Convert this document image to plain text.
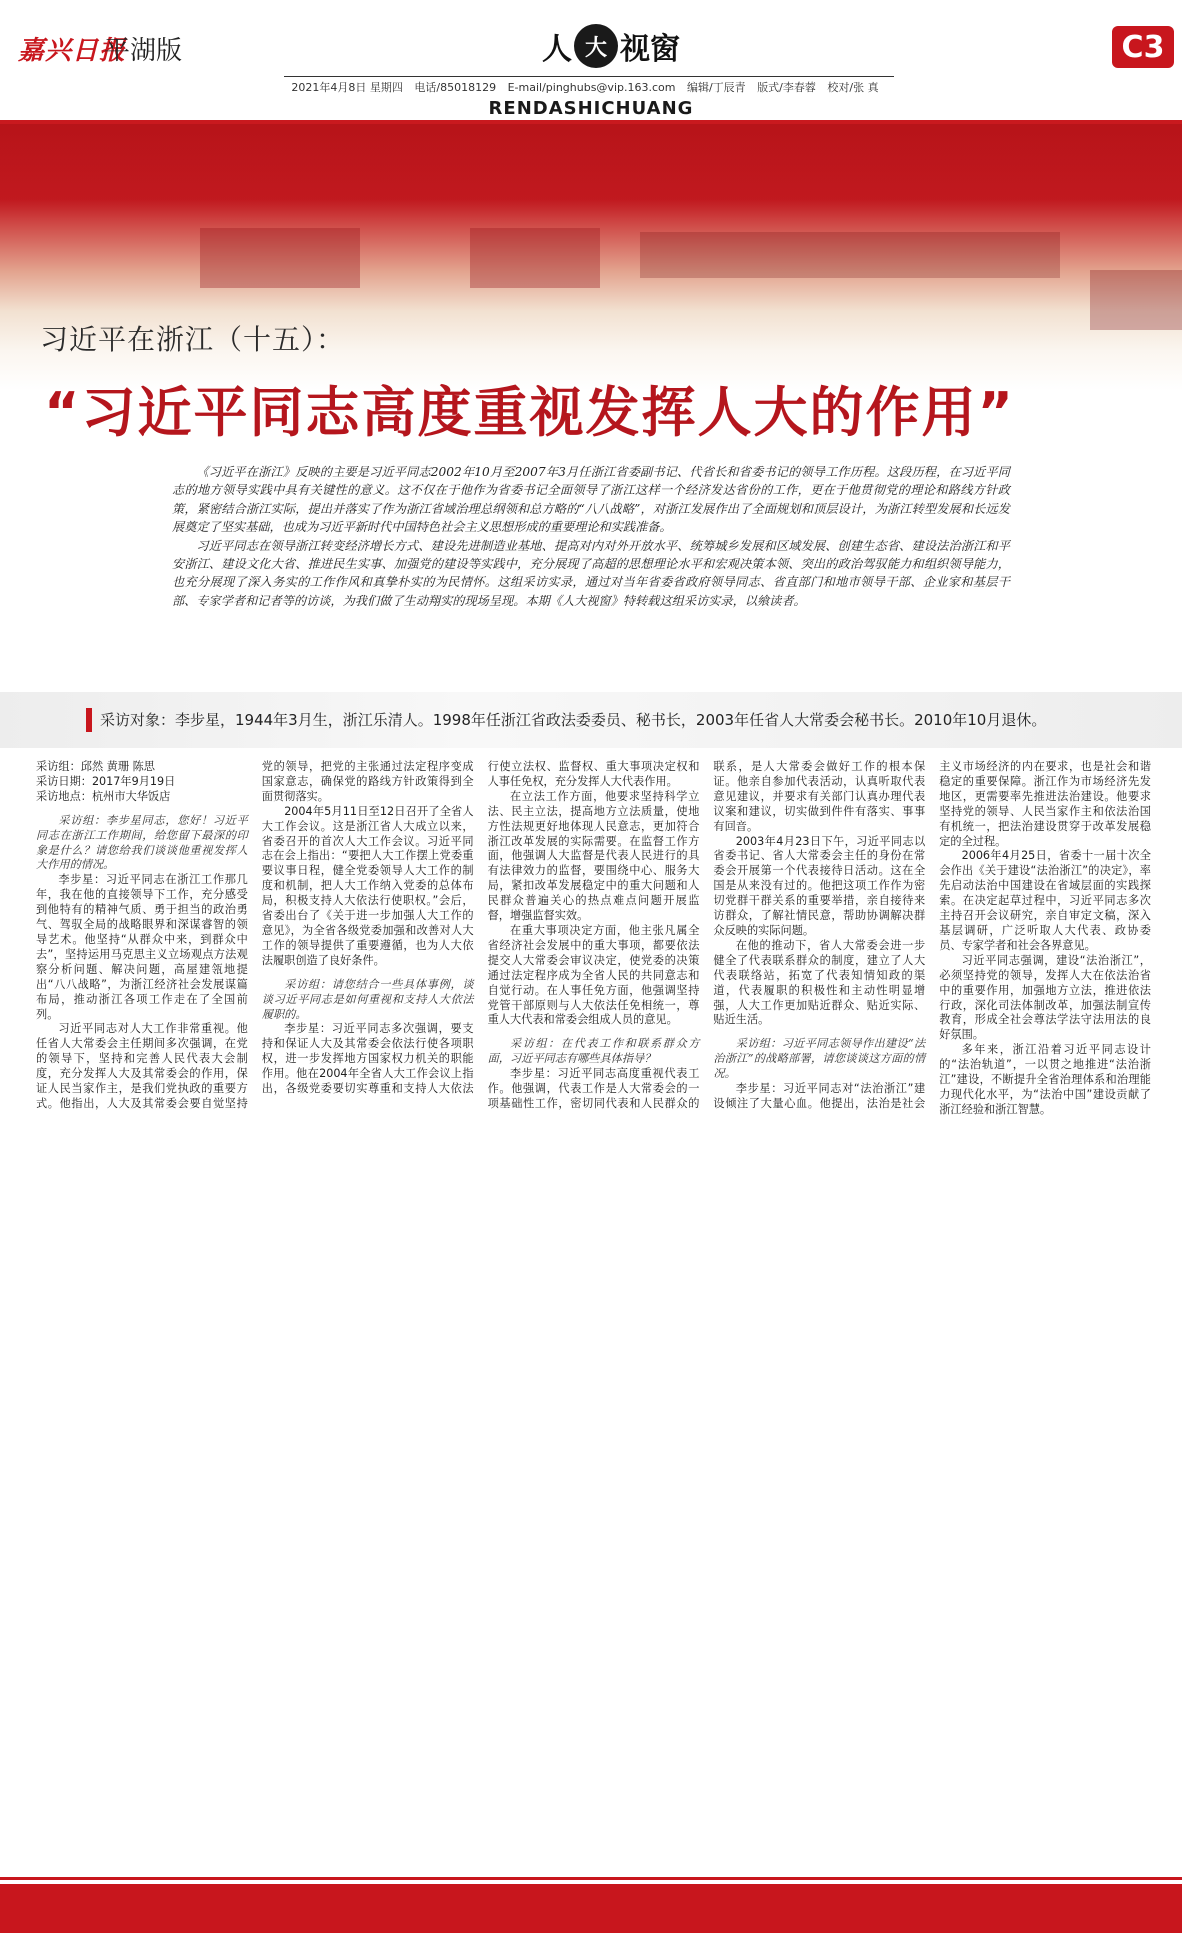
嘉兴日报
平湖版	人 大 视窗	C3
2021年4月8日 星期四 电话/85018129 E-mail/pinghubs@vip.163.com 编辑/丁辰青 版式/李春蓉 校对/张 真
RENDASHICHUANG
习近平在浙江（十五）：
“习近平同志高度重视发挥人大的作用”

《习近平在浙江》反映的主要是习近平同志2002年10月至2007年3月任浙江省委副书记、代省长和省委书记的领导工作历程。这段历程，在习近平同志的地方领导实践中具有关键性的意义。这不仅在于他作为省委书记全面领导了浙江这样一个经济发达省份的工作，更在于他贯彻党的理论和路线方针政策，紧密结合浙江实际，提出并落实了作为浙江省域治理总纲领和总方略的“八八战略”，对浙江发展作出了全面规划和顶层设计，为浙江转型发展和长远发展奠定了坚实基础，也成为习近平新时代中国特色社会主义思想形成的重要理论和实践准备。

习近平同志在领导浙江转变经济增长方式、建设先进制造业基地、提高对内对外开放水平、统筹城乡发展和区域发展、创建生态省、建设法治浙江和平安浙江、建设文化大省、推进民生实事、加强党的建设等实践中，充分展现了高超的思想理论水平和宏观决策本领、突出的政治驾驭能力和组织领导能力，也充分展现了深入务实的工作作风和真挚朴实的为民情怀。这组采访实录，通过对当年省委省政府领导同志、省直部门和地市领导干部、企业家和基层干部、专家学者和记者等的访谈，为我们做了生动翔实的现场呈现。本期《人大视窗》特转载这组采访实录，以飨读者。

采访对象：李步星，1944年3月生，浙江乐清人。1998年任浙江省政法委委员、秘书长，2003年任省人大常委会秘书长。2010年10月退休。

采访组：邱然 黄珊 陈思

采访日期：2017年9月19日

采访地点：杭州市大华饭店

采访组：李步星同志，您好！习近平同志在浙江工作期间，给您留下最深的印象是什么？请您给我们谈谈他重视发挥人大作用的情况。

李步星：习近平同志在浙江工作那几年，我在他的直接领导下工作，充分感受到他特有的精神气质、勇于担当的政治勇气、驾驭全局的战略眼界和深谋睿智的领导艺术。他坚持“从群众中来，到群众中去”，坚持运用马克思主义立场观点方法观察分析问题、解决问题，高屋建瓴地提出“八八战略”，为浙江经济社会发展谋篇布局，推动浙江各项工作走在了全国前列。

习近平同志对人大工作非常重视。他任省人大常委会主任期间多次强调，在党的领导下，坚持和完善人民代表大会制度，充分发挥人大及其常委会的作用，保证人民当家作主，是我们党执政的重要方式。他指出，人大及其常委会要自觉坚持党的领导，把党的主张通过法定程序变成国家意志，确保党的路线方针政策得到全面贯彻落实。

2004年5月11日至12日召开了全省人大工作会议。这是浙江省人大成立以来，省委召开的首次人大工作会议。习近平同志在会上指出：“要把人大工作摆上党委重要议事日程，健全党委领导人大工作的制度和机制，把人大工作纳入党委的总体布局，积极支持人大依法行使职权。”会后，省委出台了《关于进一步加强人大工作的意见》，为全省各级党委加强和改善对人大工作的领导提供了重要遵循，也为人大依法履职创造了良好条件。

采访组：请您结合一些具体事例，谈谈习近平同志是如何重视和支持人大依法履职的。

李步星：习近平同志多次强调，要支持和保证人大及其常委会依法行使各项职权，进一步发挥地方国家权力机关的职能作用。他在2004年全省人大工作会议上指出，各级党委要切实尊重和支持人大依法行使立法权、监督权、重大事项决定权和人事任免权，充分发挥人大代表作用。

在立法工作方面，他要求坚持科学立法、民主立法，提高地方立法质量，使地方性法规更好地体现人民意志，更加符合浙江改革发展的实际需要。在监督工作方面，他强调人大监督是代表人民进行的具有法律效力的监督，要围绕中心、服务大局，紧扣改革发展稳定中的重大问题和人民群众普遍关心的热点难点问题开展监督，增强监督实效。

在重大事项决定方面，他主张凡属全省经济社会发展中的重大事项，都要依法提交人大常委会审议决定，使党委的决策通过法定程序成为全省人民的共同意志和自觉行动。在人事任免方面，他强调坚持党管干部原则与人大依法任免相统一，尊重人大代表和常委会组成人员的意见。

采访组：在代表工作和联系群众方面，习近平同志有哪些具体指导？

李步星：习近平同志高度重视代表工作。他强调，代表工作是人大常委会的一项基础性工作，密切同代表和人民群众的联系，是人大常委会做好工作的根本保证。他亲自参加代表活动，认真听取代表意见建议，并要求有关部门认真办理代表议案和建议，切实做到件件有落实、事事有回音。

2003年4月23日下午，习近平同志以省委书记、省人大常委会主任的身份在常委会开展第一个代表接待日活动。这在全国是从来没有过的。他把这项工作作为密切党群干群关系的重要举措，亲自接待来访群众，了解社情民意，帮助协调解决群众反映的实际问题。

在他的推动下，省人大常委会进一步健全了代表联系群众的制度，建立了人大代表联络站，拓宽了代表知情知政的渠道，代表履职的积极性和主动性明显增强，人大工作更加贴近群众、贴近实际、贴近生活。

采访组：习近平同志领导作出建设“法治浙江”的战略部署，请您谈谈这方面的情况。

李步星：习近平同志对“法治浙江”建设倾注了大量心血。他提出，法治是社会主义市场经济的内在要求，也是社会和谐稳定的重要保障。浙江作为市场经济先发地区，更需要率先推进法治建设。他要求坚持党的领导、人民当家作主和依法治国有机统一，把法治建设贯穿于改革发展稳定的全过程。

2006年4月25日，省委十一届十次全会作出《关于建设“法治浙江”的决定》，率先启动法治中国建设在省域层面的实践探索。在决定起草过程中，习近平同志多次主持召开会议研究，亲自审定文稿，深入基层调研，广泛听取人大代表、政协委员、专家学者和社会各界意见。

习近平同志强调，建设“法治浙江”，必须坚持党的领导，发挥人大在依法治省中的重要作用，加强地方立法，推进依法行政，深化司法体制改革，加强法制宣传教育，形成全社会尊法学法守法用法的良好氛围。

多年来，浙江沿着习近平同志设计的“法治轨道”，一以贯之地推进“法治浙江”建设，不断提升全省治理体系和治理能力现代化水平，为“法治中国”建设贡献了浙江经验和浙江智慧。
